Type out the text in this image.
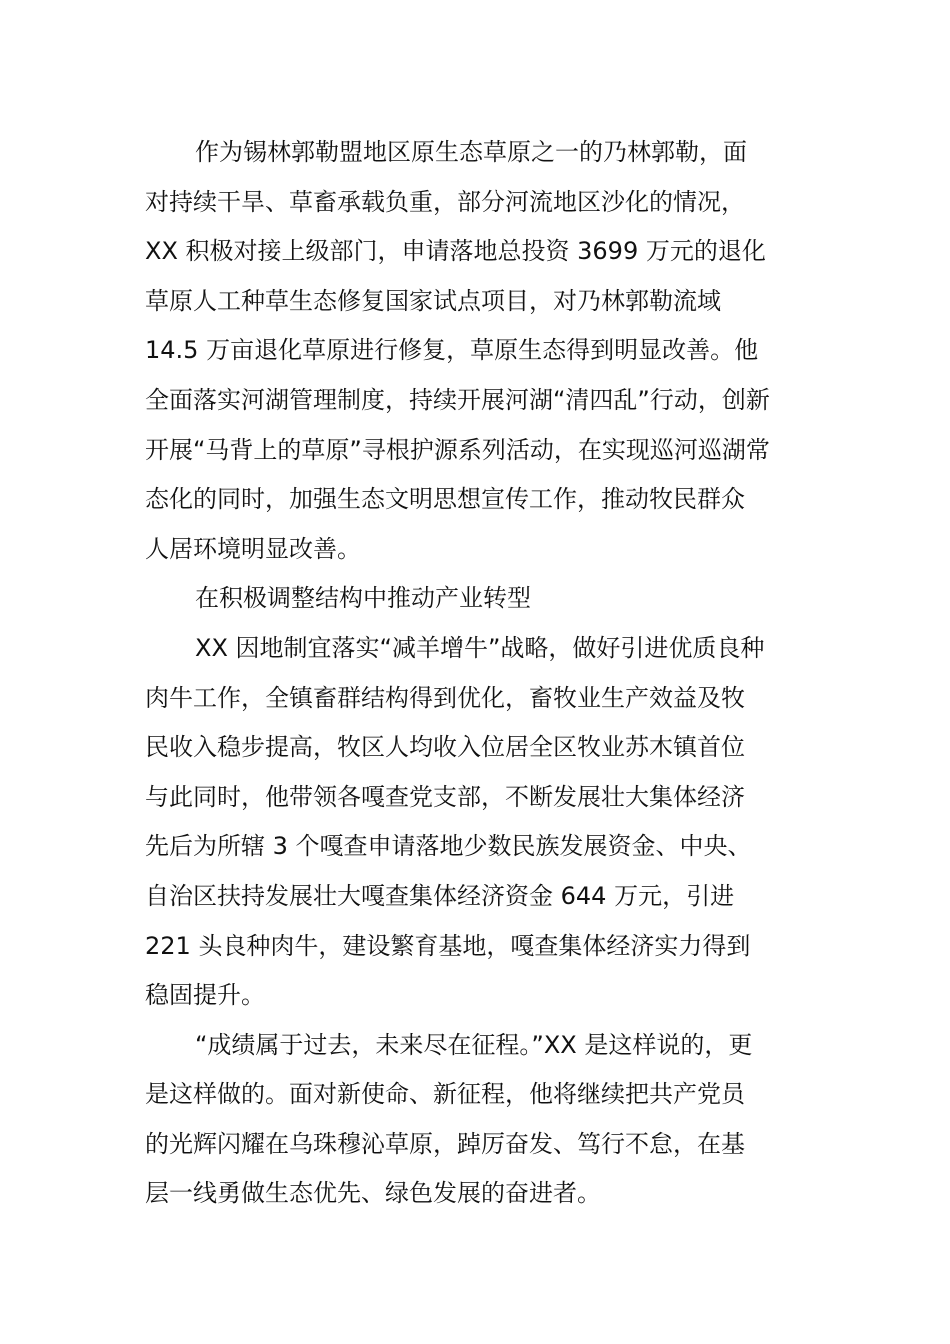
作为锡林郭勒盟地区原生态草原之一的乃林郭勒，面
对持续干旱、草畜承载负重，部分河流地区沙化的情况，
XX 积极对接上级部门，申请落地总投资 3699 万元的退化
草原人工种草生态修复国家试点项目，对乃林郭勒流域
14.5 万亩退化草原进行修复，草原生态得到明显改善。他
全面落实河湖管理制度，持续开展河湖“清四乱”行动，创新
开展“马背上的草原”寻根护源系列活动，在实现巡河巡湖常
态化的同时，加强生态文明思想宣传工作，推动牧民群众
人居环境明显改善。
在积极调整结构中推动产业转型
XX 因地制宜落实“减羊增牛”战略，做好引进优质良种
肉牛工作，全镇畜群结构得到优化，畜牧业生产效益及牧
民收入稳步提高，牧区人均收入位居全区牧业苏木镇首位
与此同时，他带领各嘎查党支部，不断发展壮大集体经济
先后为所辖 3 个嘎查申请落地少数民族发展资金、中央、
自治区扶持发展壮大嘎查集体经济资金 644 万元，引进
221 头良种肉牛，建设繁育基地，嘎查集体经济实力得到
稳固提升。
“成绩属于过去，未来尽在征程。”XX 是这样说的，更
是这样做的。面对新使命、新征程，他将继续把共产党员
的光辉闪耀在乌珠穆沁草原，踔厉奋发、笃行不怠，在基
层一线勇做生态优先、绿色发展的奋进者。
